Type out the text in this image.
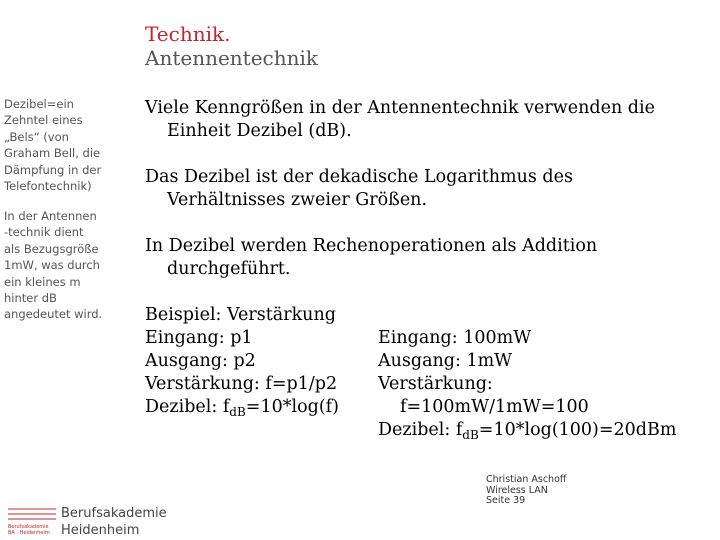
Technik.
Antennentechnik
Dezibel=ein
Zehntel eines
„Bels“ (von
Graham Bell, die
Dämpfung in der
Telefontechnik)
In der Antennen
-technik dient
als Bezugsgröße
1mW, was durch
ein kleines m
hinter dB
angedeutet wird.
Viele Kenngrößen in der Antennentechnik verwenden die
Einheit Dezibel (dB).
Das Dezibel ist der dekadische Logarithmus des
Verhältnisses zweier Größen.
In Dezibel werden Rechenoperationen als Addition
durchgeführt.
Beispiel: Verstärkung
Eingang: p1
Ausgang: p2
Verstärkung: f=p1/p2
Dezibel: $f_{dB}=10*\log(f)$
Eingang: 100mW
Ausgang: 1mW
Verstärkung:
f=100mW/1mW=100
Dezibel: $f_{dB}=10*\log(100)=20dBm$
Berufsakademie BA · Heidenheim
Berufsakademie
Heidenheim
Christian Aschoff
Wireless LAN
Seite 39
